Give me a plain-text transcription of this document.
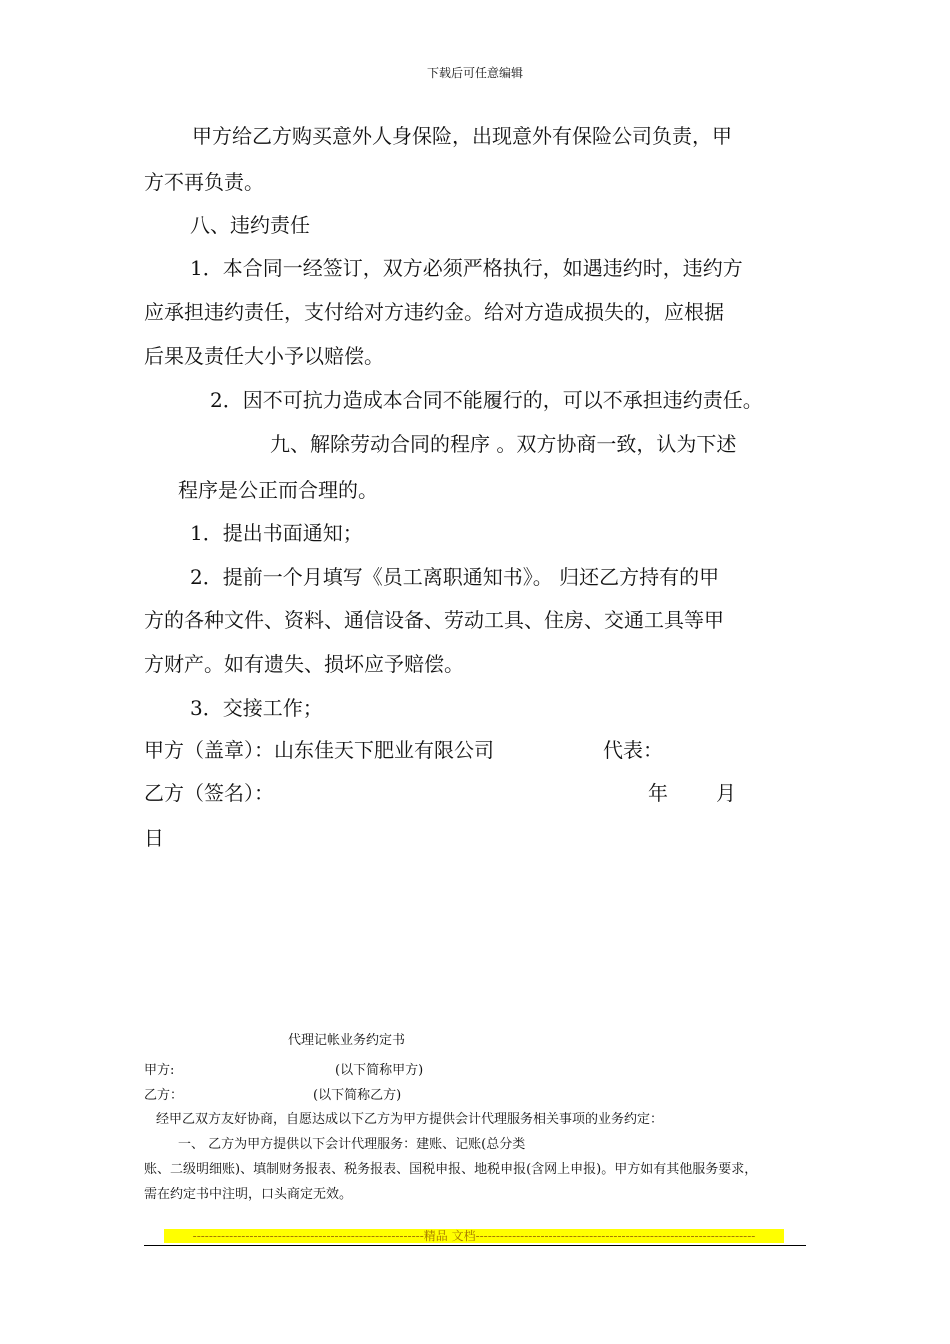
下载后可任意编辑
甲方给乙方购买意外人身保险，出现意外有保险公司负责，甲
方不再负责。
八、违约责任
1．本合同一经签订，双方必须严格执行，如遇违约时，违约方
应承担违约责任，支付给对方违约金。给对方造成损失的，应根据
后果及责任大小予以赔偿。
2．因不可抗力造成本合同不能履行的，可以不承担违约责任。
九、解除劳动合同的程序 。双方协商一致，认为下述
程序是公正而合理的。
1．提出书面通知；
2．提前一个月填写《员工离职通知书》。 归还乙方持有的甲
方的各种文件、资料、通信设备、劳动工具、住房、交通工具等甲
方财产。如有遗失、损坏应予赔偿。
3．交接工作；
甲方（盖章）：山东佳天下肥业有限公司	代表：
乙方（签名）：	年 月
日
代理记帐业务约定书
甲方:	(以下简称甲方)
乙方：	(以下简称乙方)
经甲乙双方友好协商，自愿达成以下乙方为甲方提供会计代理服务相关事项的业务约定：
一、 乙方为甲方提供以下会计代理服务：建账、记账(总分类
账、二级明细账)、填制财务报表、税务报表、国税申报、地税申报(含网上申报)。甲方如有其他服务要求，
需在约定书中注明，口头商定无效。
---------------------------------------------------------精品 文档---------------------------------------------------------------------
